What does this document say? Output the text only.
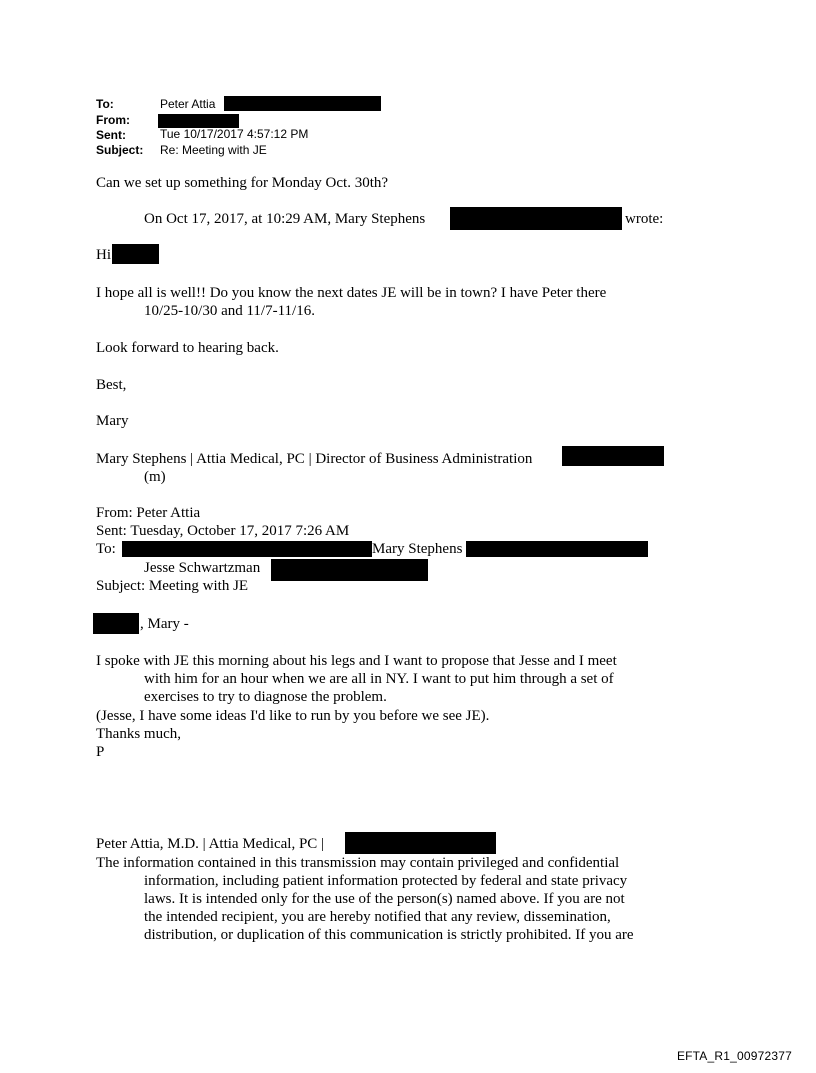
To:	Peter Attia
From:
Sent:	Tue 10/17/2017 4:57:12 PM
Subject: Re: Meeting with JE
Can we set up something for Monday Oct. 30th?
On Oct 17, 2017, at 10:29 AM, Mary Stephens	wrote:
Hi
I hope all is well!! Do you know the next dates JE will be in town? I have Peter there
10/25-10/30 and 11/7-11/16.
Look forward to hearing back.
Best,
Mary
Mary Stephens | Attia Medical, PC | Director of Business Administration
(m)
From: Peter Attia
Sent: Tuesday, October 17, 2017 7:26 AM
To:	Mary Stephens
Jesse Schwartzman
Subject: Meeting with JE
, Mary -
I spoke with JE this morning about his legs and I want to propose that Jesse and I meet
with him for an hour when we are all in NY. I want to put him through a set of
exercises to try to diagnose the problem.
(Jesse, I have some ideas I'd like to run by you before we see JE).
Thanks much,
P
Peter Attia, M.D. | Attia Medical, PC |
The information contained in this transmission may contain privileged and confidential
information, including patient information protected by federal and state privacy
laws. It is intended only for the use of the person(s) named above. If you are not
the intended recipient, you are hereby notified that any review, dissemination,
distribution, or duplication of this communication is strictly prohibited. If you are
EFTA_R1_00972377
